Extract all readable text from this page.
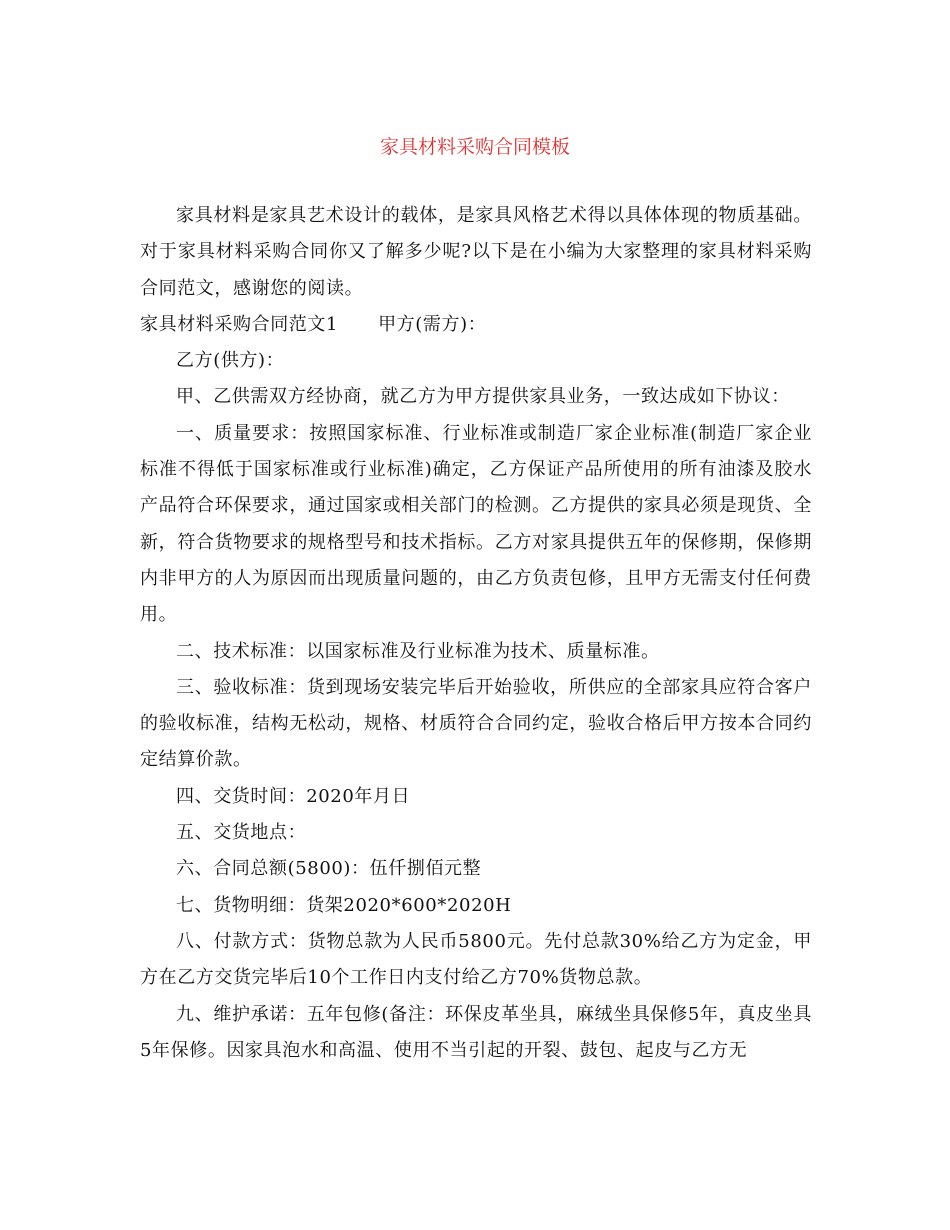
家具材料采购合同模板

家具材料是家具艺术设计的载体，是家具风格艺术得以具体体现的物质基础。对于家具材料采购合同你又了解多少呢?以下是在小编为大家整理的家具材料采购合同范文，感谢您的阅读。

家具材料采购合同范文1 甲方(需方)：

乙方(供方)：

甲、乙供需双方经协商，就乙方为甲方提供家具业务，一致达成如下协议：

一、质量要求：按照国家标准、行业标准或制造厂家企业标准(制造厂家企业标准不得低于国家标准或行业标准)确定，乙方保证产品所使用的所有油漆及胶水产品符合环保要求，通过国家或相关部门的检测。乙方提供的家具必须是现货、全新，符合货物要求的规格型号和技术指标。乙方对家具提供五年的保修期，保修期内非甲方的人为原因而出现质量问题的，由乙方负责包修，且甲方无需支付任何费用。

二、技术标准：以国家标准及行业标准为技术、质量标准。

三、验收标准：货到现场安装完毕后开始验收，所供应的全部家具应符合客户的验收标准，结构无松动，规格、材质符合合同约定，验收合格后甲方按本合同约定结算价款。

四、交货时间：2020年月日

五、交货地点：

六、合同总额(5800)：伍仟捌佰元整

七、货物明细：货架2020*600*2020H

八、付款方式：货物总款为人民币5800元。先付总款30%给乙方为定金，甲方在乙方交货完毕后10个工作日内支付给乙方70%货物总款。

九、维护承诺：五年包修(备注：环保皮革坐具，麻绒坐具保修5年，真皮坐具5年保修。因家具泡水和高温、使用不当引起的开裂、鼓包、起皮与乙方无
